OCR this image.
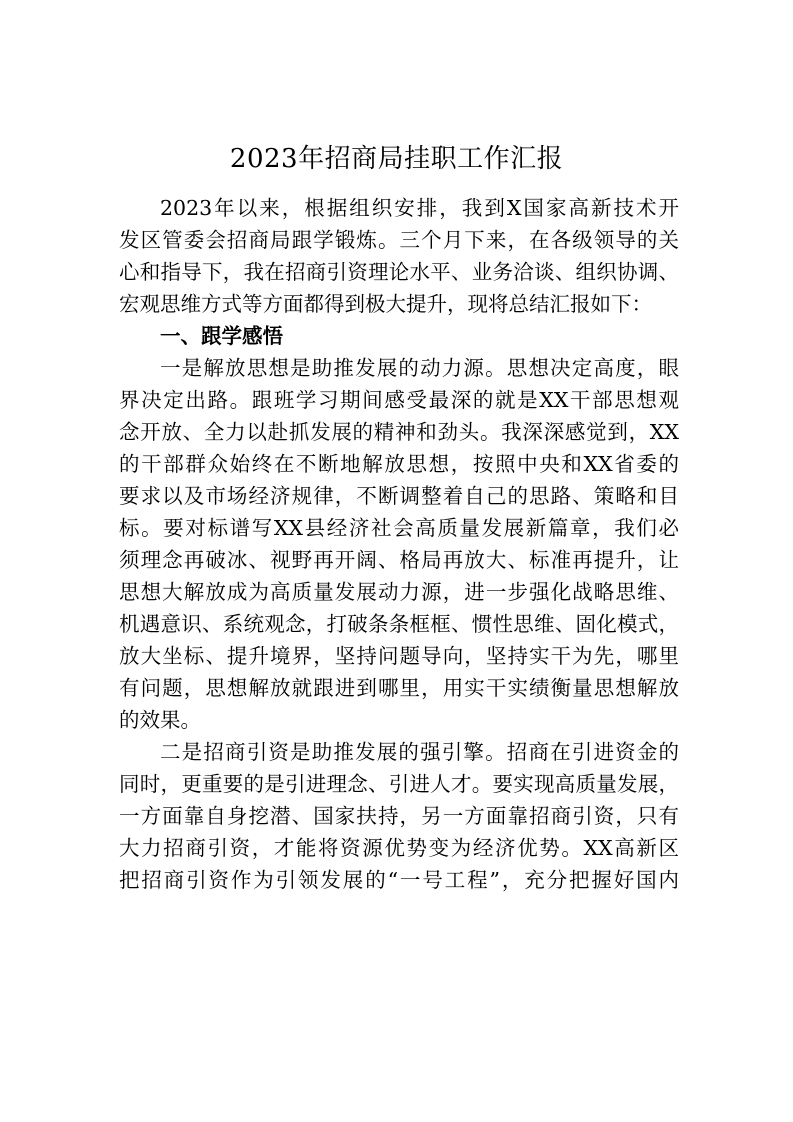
2023年招商局挂职工作汇报
2023年以来，根据组织安排，我到X国家高新技术开
发区管委会招商局跟学锻炼。三个月下来，在各级领导的关
心和指导下，我在招商引资理论水平、业务洽谈、组织协调、
宏观思维方式等方面都得到极大提升，现将总结汇报如下：
一、跟学感悟
一是解放思想是助推发展的动力源。思想决定高度，眼
界决定出路。跟班学习期间感受最深的就是XX干部思想观
念开放、全力以赴抓发展的精神和劲头。我深深感觉到，XX
的干部群众始终在不断地解放思想，按照中央和XX省委的
要求以及市场经济规律，不断调整着自己的思路、策略和目
标。要对标谱写XX县经济社会高质量发展新篇章，我们必
须理念再破冰、视野再开阔、格局再放大、标准再提升，让
思想大解放成为高质量发展动力源，进一步强化战略思维、
机遇意识、系统观念，打破条条框框、惯性思维、固化模式，
放大坐标、提升境界，坚持问题导向，坚持实干为先，哪里
有问题，思想解放就跟进到哪里，用实干实绩衡量思想解放
的效果。
二是招商引资是助推发展的强引擎。招商在引进资金的
同时，更重要的是引进理念、引进人才。要实现高质量发展，
一方面靠自身挖潜、国家扶持，另一方面靠招商引资，只有
大力招商引资，才能将资源优势变为经济优势。XX高新区
把招商引资作为引领发展的“一号工程”，充分把握好国内
